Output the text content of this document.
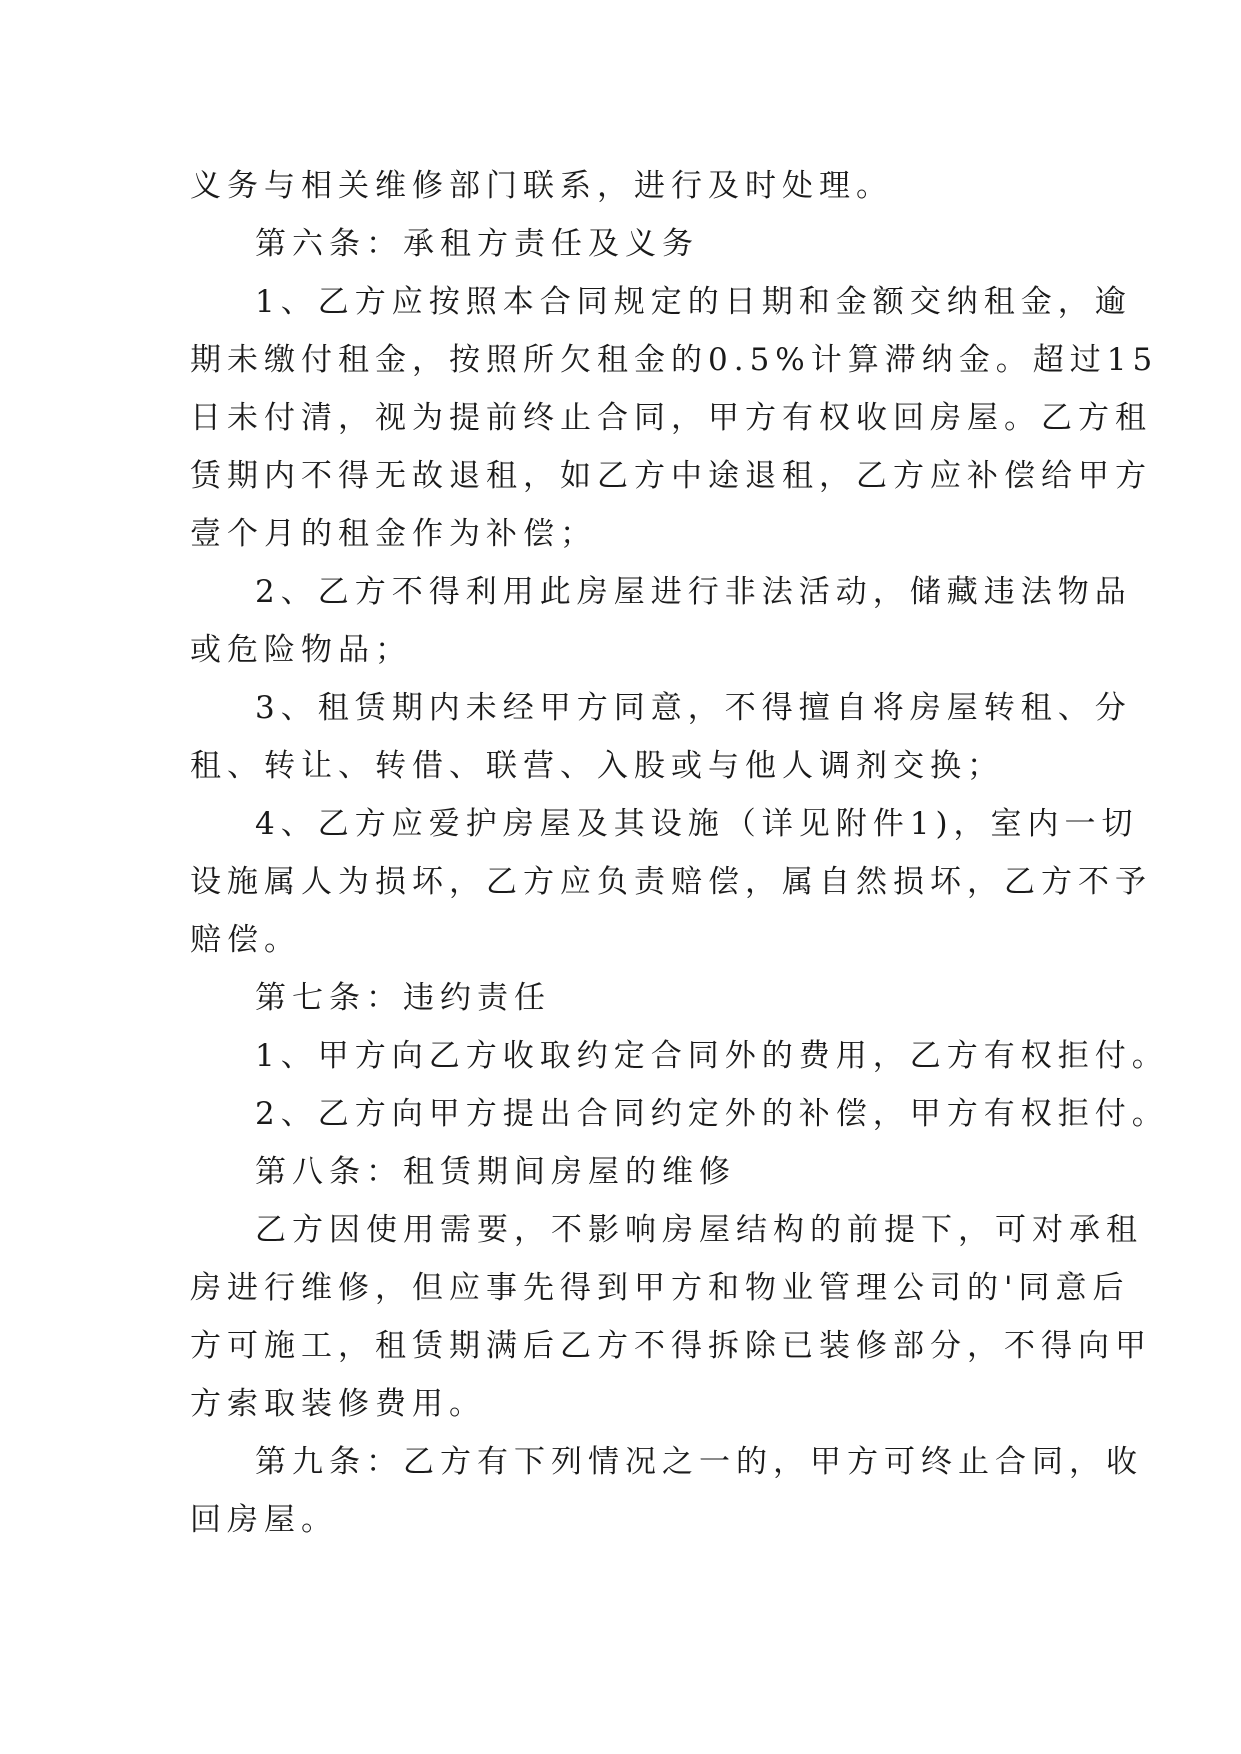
义务与相关维修部门联系，进行及时处理。
第六条：承租方责任及义务
1、乙方应按照本合同规定的日期和金额交纳租金，逾
期未缴付租金，按照所欠租金的0.5%计算滞纳金。超过15
日未付清，视为提前终止合同，甲方有权收回房屋。乙方租
赁期内不得无故退租，如乙方中途退租，乙方应补偿给甲方
壹个月的租金作为补偿；
2、乙方不得利用此房屋进行非法活动，储藏违法物品
或危险物品；
3、租赁期内未经甲方同意，不得擅自将房屋转租、分
租、转让、转借、联营、入股或与他人调剂交换；
4、乙方应爱护房屋及其设施（详见附件1)，室内一切
设施属人为损坏，乙方应负责赔偿，属自然损坏，乙方不予
赔偿。
第七条：违约责任
1、甲方向乙方收取约定合同外的费用，乙方有权拒付。
2、乙方向甲方提出合同约定外的补偿，甲方有权拒付。
第八条：租赁期间房屋的维修
乙方因使用需要，不影响房屋结构的前提下，可对承租
房进行维修，但应事先得到甲方和物业管理公司的'同意后
方可施工，租赁期满后乙方不得拆除已装修部分，不得向甲
方索取装修费用。
第九条：乙方有下列情况之一的，甲方可终止合同，收
回房屋。
